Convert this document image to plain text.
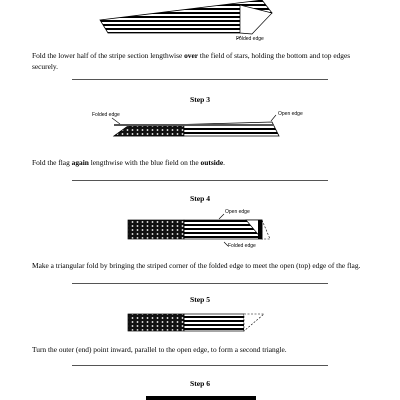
Folded edge
Fold the lower half of the stripe section lengthwise over the field of stars, holding the bottom and top edges securely.
Step 3
Folded edge	Open edge
Fold the flag again lengthwise with the blue field on the outside.
Step 4
Open edge
Folded edge
Make a triangular fold by bringing the striped corner of the folded edge to meet the open (top) edge of the flag.
Step 5
Turn the outer (end) point inward, parallel to the open edge, to form a second triangle.
Step 6
